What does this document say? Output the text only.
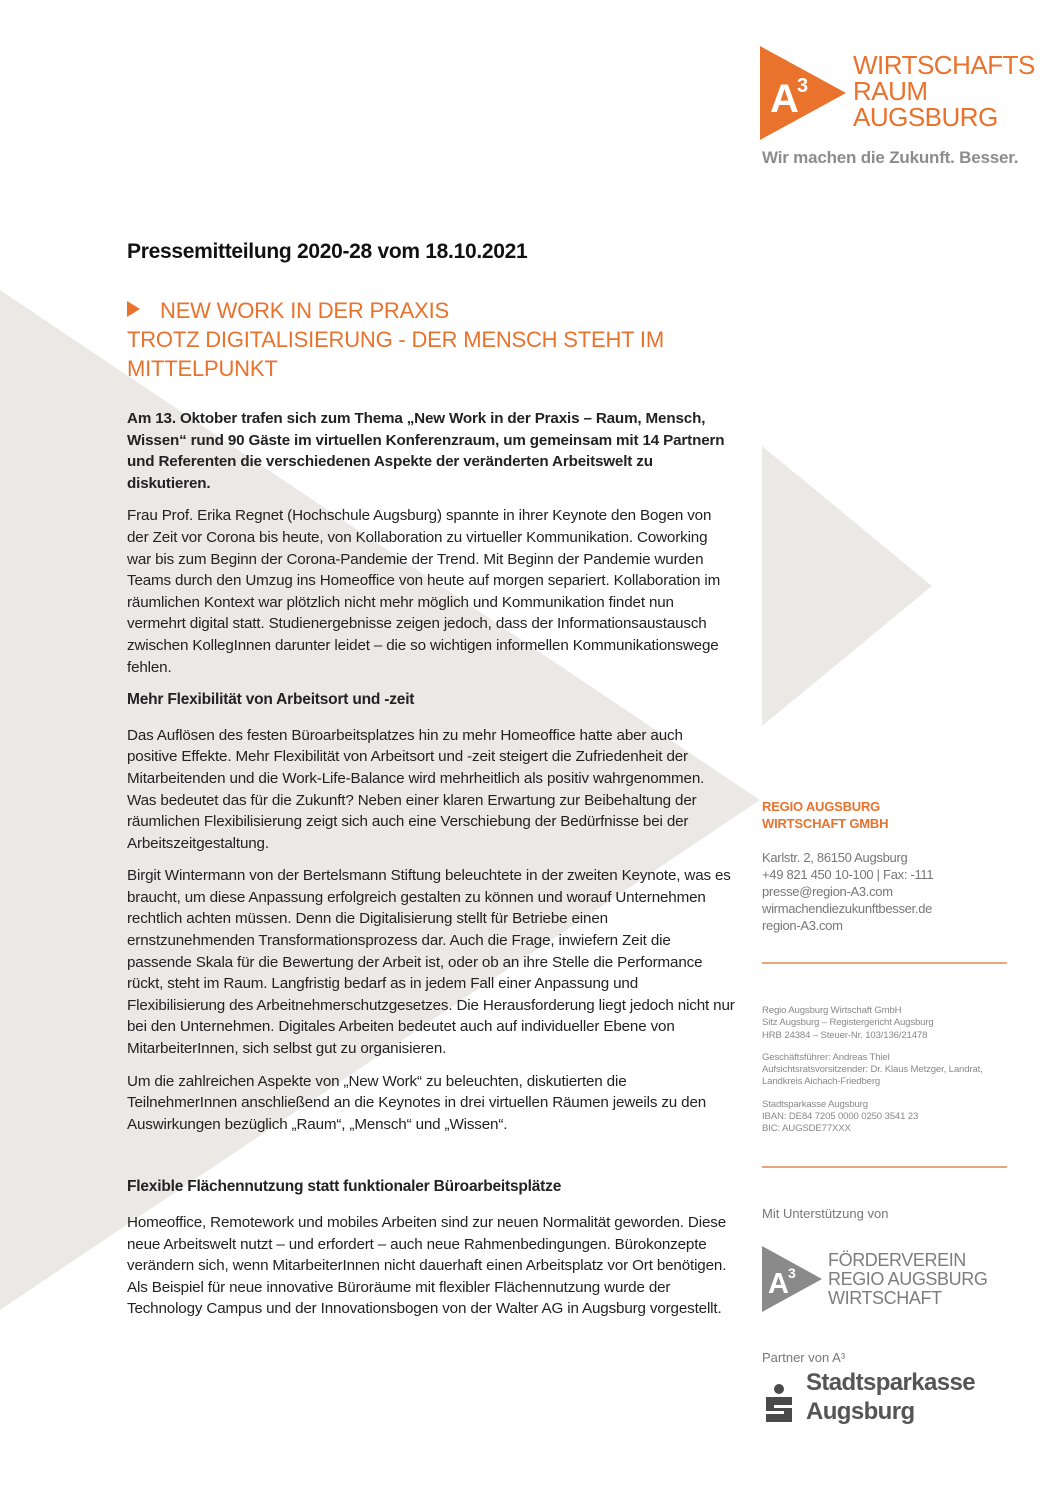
A
3
WIRTSCHAFTS
RAUM
AUGSBURG
Wir machen die Zukunft. Besser.
Pressemitteilung 2020-28 vom 18.10.2021
NEW WORK IN DER PRAXIS
TROTZ DIGITALISIERUNG - DER MENSCH STEHT IM MITTELPUNKT

Am 13. Oktober trafen sich zum Thema „New Work in der Praxis – Raum, Mensch, Wissen“ rund 90 Gäste im virtuellen Konferenzraum, um gemeinsam mit 14 Partnern und Referenten die verschiedenen Aspekte der veränderten Arbeitswelt zu diskutieren.

Frau Prof. Erika Regnet (Hochschule Augsburg) spannte in ihrer Keynote den Bogen von der Zeit vor Corona bis heute, von Kollaboration zu virtueller Kommunikation. Coworking war bis zum Beginn der Corona-Pandemie der Trend. Mit Beginn der Pandemie wurden Teams durch den Umzug ins Homeoffice von heute auf morgen separiert. Kollaboration im räumlichen Kontext war plötzlich nicht mehr möglich und Kommunikation findet nun vermehrt digital statt. Studienergebnisse zeigen jedoch, dass der Informationsaustausch zwischen KollegInnen darunter leidet – die so wichtigen informellen Kommunikationswege fehlen.

Mehr Flexibilität von Arbeitsort und -zeit

Das Auflösen des festen Büroarbeitsplatzes hin zu mehr Homeoffice hatte aber auch positive Effekte. Mehr Flexibilität von Arbeitsort und -zeit steigert die Zufriedenheit der Mitarbeitenden und die Work-Life-Balance wird mehrheitlich als positiv wahrgenommen. Was bedeutet das für die Zukunft? Neben einer klaren Erwartung zur Beibehaltung der räumlichen Flexibilisierung zeigt sich auch eine Verschiebung der Bedürfnisse bei der Arbeitszeitgestaltung.

Birgit Wintermann von der Bertelsmann Stiftung beleuchtete in der zweiten Keynote, was es braucht, um diese Anpassung erfolgreich gestalten zu können und worauf Unternehmen rechtlich achten müssen. Denn die Digitalisierung stellt für Betriebe einen ernstzunehmenden Transformationsprozess dar. Auch die Frage, inwiefern Zeit die passende Skala für die Bewertung der Arbeit ist, oder ob an ihre Stelle die Performance rückt, steht im Raum. Langfristig bedarf as in jedem Fall einer Anpassung und Flexibilisierung des Arbeitnehmerschutzgesetzes. Die Herausforderung liegt jedoch nicht nur bei den Unternehmen. Digitales Arbeiten bedeutet auch auf individueller Ebene von MitarbeiterInnen, sich selbst gut zu organisieren.

Um die zahlreichen Aspekte von „New Work“ zu beleuchten, diskutierten die TeilnehmerInnen anschließend an die Keynotes in drei virtuellen Räumen jeweils zu den Auswirkungen bezüglich „Raum“, „Mensch“ und „Wissen“.

Flexible Flächennutzung statt funktionaler Büroarbeitsplätze

Homeoffice, Remotework und mobiles Arbeiten sind zur neuen Normalität geworden. Diese neue Arbeitswelt nutzt – und erfordert – auch neue Rahmenbedingungen. Bürokonzepte verändern sich, wenn MitarbeiterInnen nicht dauerhaft einen Arbeitsplatz vor Ort benötigen. Als Beispiel für neue innovative Büroräume mit flexibler Flächennutzung wurde der Technology Campus und der Innovationsbogen von der Walter AG in Augsburg vorgestellt.

REGIO AUGSBURG
WIRTSCHAFT GMBH
Karlstr. 2, 86150 Augsburg
+49 821 450 10-100 | Fax: -111
presse@region-A3.com
wirmachendiezukunftbesser.de
region-A3.com

Regio Augsburg Wirtschaft GmbH
Sitz Augsburg – Registergericht Augsburg
HRB 24384 – Steuer-Nr. 103/136/21478

Geschäftsführer: Andreas Thiel
Aufsichtsratsvorsitzender: Dr. Klaus Metzger, Landrat,
Landkreis Aichach-Friedberg

Stadtsparkasse Augsburg
IBAN: DE84 7205 0000 0250 3541 23
BIC: AUGSDE77XXX

Mit Unterstützung von
A 3
FÖRDERVEREIN
REGIO AUGSBURG
WIRTSCHAFT
Partner von A³
Stadtsparkasse
Augsburg
